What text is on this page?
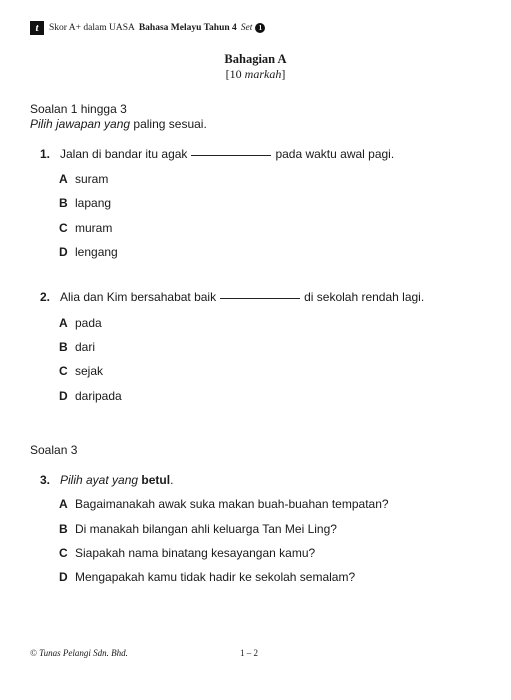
t	Skor A+ dalam UASA Bahasa Melayu Tahun 4 Set 1
Bahagian A
[10 markah]
Soalan 1 hingga 3
Pilih jawapan yang paling sesuai.
1. Jalan di bandar itu agak	pada waktu awal pagi.
A suram
B lapang
C muram
D lengang
2. Alia dan Kim bersahabat baik	di sekolah rendah lagi.
A pada
B dari
C sejak
D daripada
Soalan 3
3. Pilih ayat yang
betul .
A Bagaimanakah awak suka makan buah-buahan tempatan?
B Di manakah bilangan ahli keluarga Tan Mei Ling?
C Siapakah nama binatang kesayangan kamu?
D Mengapakah kamu tidak hadir ke sekolah semalam?
© Tunas Pelangi Sdn. Bhd.	1 – 2
